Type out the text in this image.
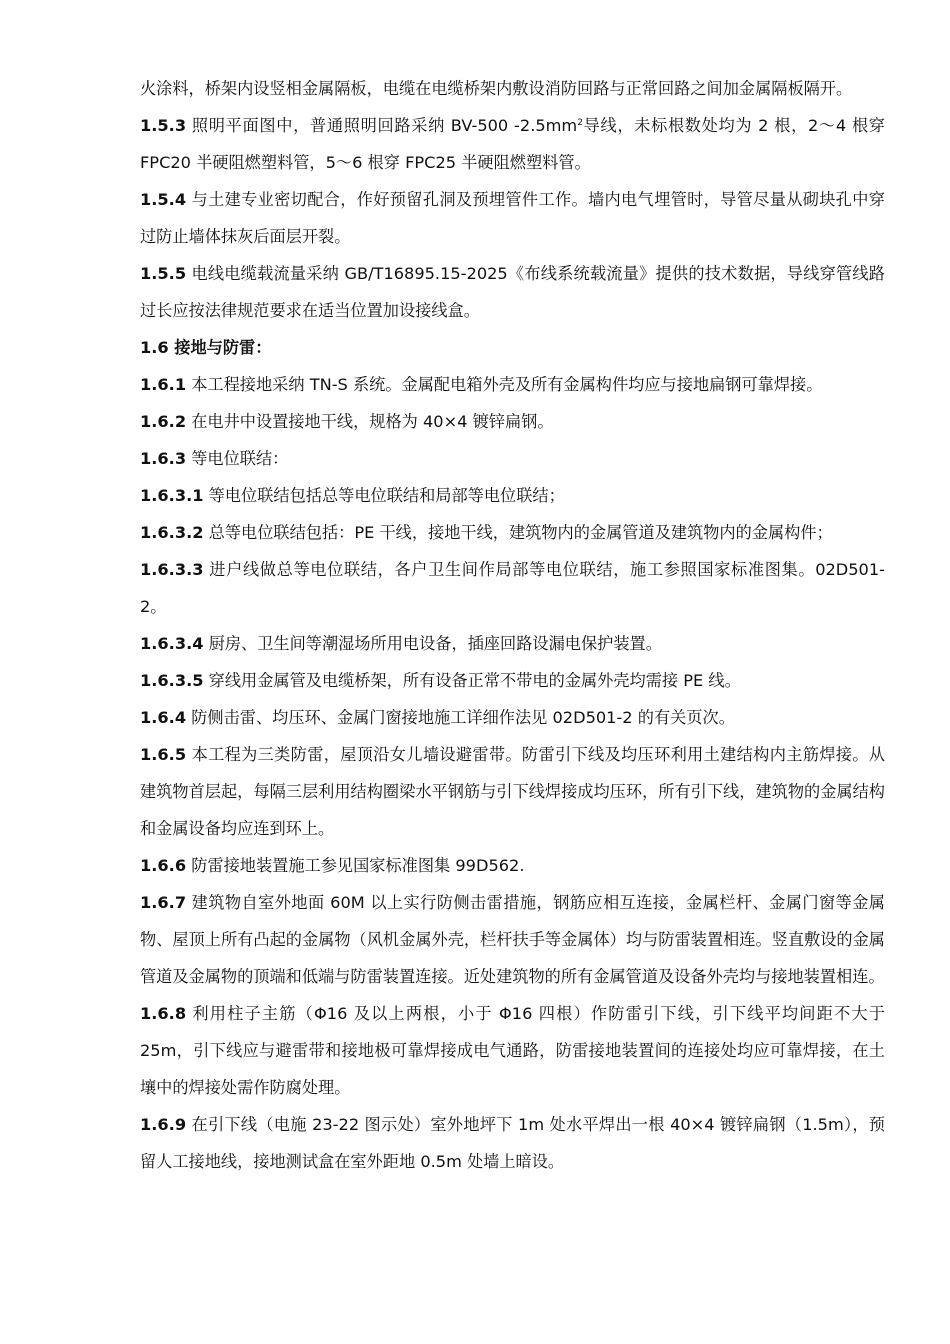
火涂料，桥架内设竖相金属隔板，电缆在电缆桥架内敷设消防回路与正常回路之间加金属隔板隔开。

1.5.3 照明平面图中，普通照明回路采纳 BV-500 $-2.5mm^2$导线，未标根数处均为 2 根，2～4 根穿 FPC20 半硬阻燃塑料管，5～6 根穿 FPC25 半硬阻燃塑料管。

1.5.4 与土建专业密切配合，作好预留孔洞及预埋管件工作。墙内电气埋管时，导管尽量从砌块孔中穿过防止墙体抹灰后面层开裂。

1.5.5 电线电缆载流量采纳 GB/T16895.15-2025《布线系统载流量》提供的技术数据，导线穿管线路过长应按法律规范要求在适当位置加设接线盒。

1.6 接地与防雷：

1.6.1 本工程接地采纳 TN-S 系统。金属配电箱外壳及所有金属构件均应与接地扁钢可靠焊接。

1.6.2 在电井中设置接地干线，规格为 40×4 镀锌扁钢。

1.6.3 等电位联结：

1.6.3.1 等电位联结包括总等电位联结和局部等电位联结；

1.6.3.2 总等电位联结包括：PE 干线，接地干线，建筑物内的金属管道及建筑物内的金属构件；

1.6.3.3 进户线做总等电位联结，各户卫生间作局部等电位联结，施工参照国家标准图集。02D501-2。

1.6.3.4 厨房、卫生间等潮湿场所用电设备，插座回路设漏电保护装置。

1.6.3.5 穿线用金属管及电缆桥架，所有设备正常不带电的金属外壳均需接 PE 线。

1.6.4 防侧击雷、均压环、金属门窗接地施工详细作法见 02D501-2 的有关页次。

1.6.5 本工程为三类防雷，屋顶沿女儿墙设避雷带。防雷引下线及均压环利用土建结构内主筋焊接。从建筑物首层起，每隔三层利用结构圈梁水平钢筋与引下线焊接成均压环，所有引下线，建筑物的金属结构和金属设备均应连到环上。

1.6.6 防雷接地装置施工参见国家标准图集 99D562.

1.6.7 建筑物自室外地面 60M 以上实行防侧击雷措施，钢筋应相互连接，金属栏杆、金属门窗等金属物、屋顶上所有凸起的金属物（风机金属外壳，栏杆扶手等金属体）均与防雷装置相连。竖直敷设的金属管道及金属物的顶端和低端与防雷装置连接。近处建筑物的所有金属管道及设备外壳均与接地装置相连。

1.6.8 利用柱子主筋（Φ16 及以上两根，小于 Φ16 四根）作防雷引下线，引下线平均间距不大于 25m，引下线应与避雷带和接地极可靠焊接成电气通路，防雷接地装置间的连接处均应可靠焊接，在土壤中的焊接处需作防腐处理。

1.6.9 在引下线（电施 23-22 图示处）室外地坪下 1m 处水平焊出一根 40×4 镀锌扁钢（1.5m），预留人工接地线，接地测试盒在室外距地 0.5m 处墙上暗设。
